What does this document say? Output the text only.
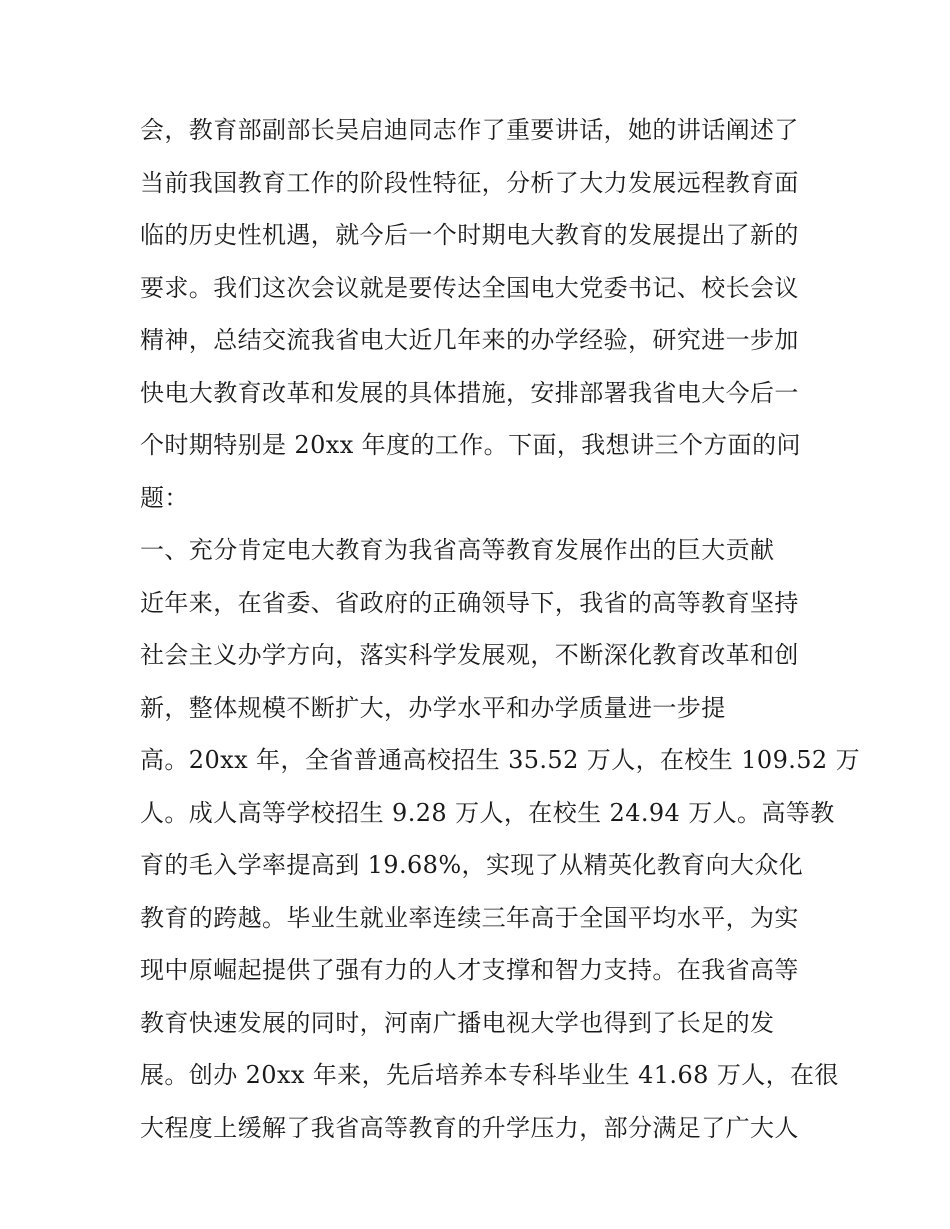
会，教育部副部长吴启迪同志作了重要讲话，她的讲话阐述了
当前我国教育工作的阶段性特征，分析了大力发展远程教育面
临的历史性机遇，就今后一个时期电大教育的发展提出了新的
要求。我们这次会议就是要传达全国电大党委书记、校长会议
精神，总结交流我省电大近几年来的办学经验，研究进一步加
快电大教育改革和发展的具体措施，安排部署我省电大今后一
个时期特别是 20xx 年度的工作。下面，我想讲三个方面的问
题：
一、充分肯定电大教育为我省高等教育发展作出的巨大贡献
近年来，在省委、省政府的正确领导下，我省的高等教育坚持
社会主义办学方向，落实科学发展观，不断深化教育改革和创
新，整体规模不断扩大，办学水平和办学质量进一步提
高。20xx 年，全省普通高校招生 35.52 万人，在校生 109.52 万
人。成人高等学校招生 9.28 万人，在校生 24.94 万人。高等教
育的毛入学率提高到 19.68%，实现了从精英化教育向大众化
教育的跨越。毕业生就业率连续三年高于全国平均水平，为实
现中原崛起提供了强有力的人才支撑和智力支持。在我省高等
教育快速发展的同时，河南广播电视大学也得到了长足的发
展。创办 20xx 年来，先后培养本专科毕业生 41.68 万人，在很
大程度上缓解了我省高等教育的升学压力，部分满足了广大人
